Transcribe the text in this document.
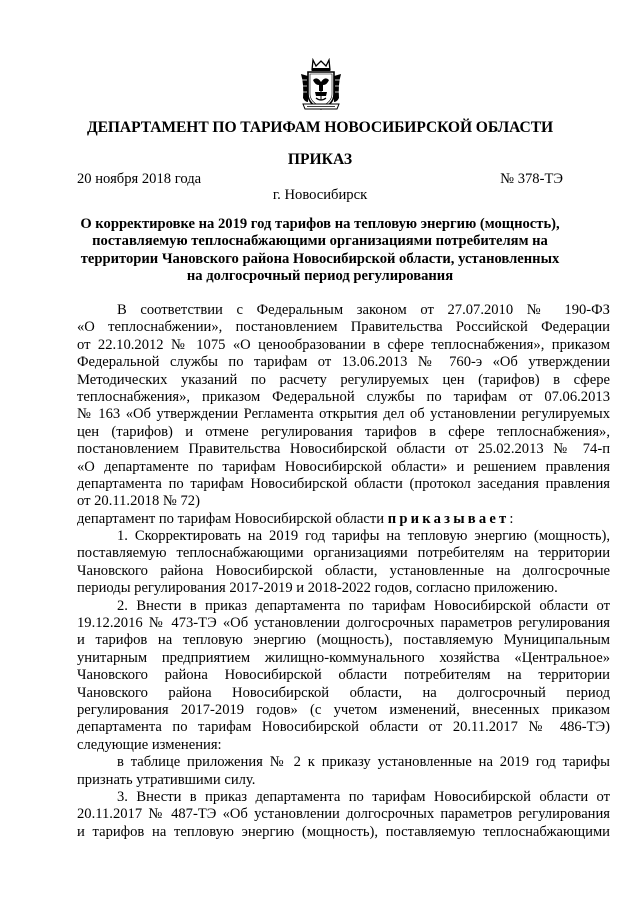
ДЕПАРТАМЕНТ ПО ТАРИФАМ НОВОСИБИРСКОЙ ОБЛАСТИ
ПРИКАЗ
20 ноября 2018 года	№ 378-ТЭ
г. Новосибирск
О корректировке на 2019 год тарифов на тепловую энергию (мощность),
поставляемую теплоснабжающими организациями потребителям на
территории Чановского района Новосибирской области, установленных
на долгосрочный период регулирования
В соответствии с Федеральным законом от 27.07.2010 № 190-ФЗ
«О теплоснабжении», постановлением Правительства Российской Федерации
от 22.10.2012 № 1075 «О ценообразовании в сфере теплоснабжения», приказом
Федеральной службы по тарифам от 13.06.2013 № 760-э «Об утверждении
Методических указаний по расчету регулируемых цен (тарифов) в сфере
теплоснабжения», приказом Федеральной службы по тарифам от 07.06.2013
№ 163 «Об утверждении Регламента открытия дел об установлении регулируемых
цен (тарифов) и отмене регулирования тарифов в сфере теплоснабжения»,
постановлением Правительства Новосибирской области от 25.02.2013 № 74-п
«О департаменте по тарифам Новосибирской области» и решением правления
департамента по тарифам Новосибирской области (протокол заседания правления
от 20.11.2018 № 72)
департамент по тарифам Новосибирской области приказывает:
1. Скорректировать на 2019 год тарифы на тепловую энергию (мощность),
поставляемую теплоснабжающими организациями потребителям на территории
Чановского района Новосибирской области, установленные на долгосрочные
периоды регулирования 2017-2019 и 2018-2022 годов, согласно приложению.
2. Внести в приказ департамента по тарифам Новосибирской области от
19.12.2016 № 473-ТЭ «Об установлении долгосрочных параметров регулирования
и тарифов на тепловую энергию (мощность), поставляемую Муниципальным
унитарным предприятием жилищно-коммунального хозяйства «Центральное»
Чановского района Новосибирской области потребителям на территории
Чановского района Новосибирской области, на долгосрочный период
регулирования 2017-2019 годов» (с учетом изменений, внесенных приказом
департамента по тарифам Новосибирской области от 20.11.2017 № 486-ТЭ)
следующие изменения:
в таблице приложения № 2 к приказу установленные на 2019 год тарифы
признать утратившими силу.
3. Внести в приказ департамента по тарифам Новосибирской области от
20.11.2017 № 487-ТЭ «Об установлении долгосрочных параметров регулирования
и тарифов на тепловую энергию (мощность), поставляемую теплоснабжающими
